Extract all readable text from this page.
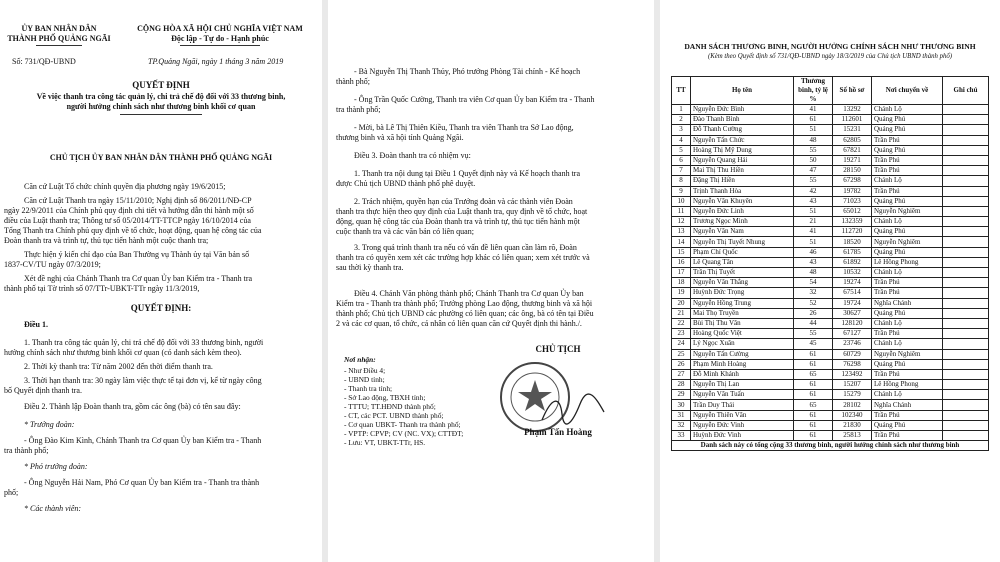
ỦY BAN NHÂN DÂN
THÀNH PHỐ QUẢNG NGÃI
CỘNG HÒA XÃ HỘI CHỦ NGHĨA VIỆT NAM
Độc lập - Tự do - Hạnh phúc
Số: 731/QĐ-UBND	TP.Quảng Ngãi, ngày 1 tháng 3 năm 2019
QUYẾT ĐỊNH
Về việc thanh tra công tác quản lý, chi trả chế độ đối với 33 thương binh,
người hưởng chính sách như thương binh khối cơ quan
CHỦ TỊCH ỦY BAN NHÂN DÂN THÀNH PHỐ QUẢNG NGÃI
Căn cứ Luật Tổ chức chính quyền địa phương ngày 19/6/2015;
Căn cứ Luật Thanh tra ngày 15/11/2010; Nghị định số 86/2011/NĐ-CP
ngày 22/9/2011 của Chính phủ quy định chi tiết và hướng dẫn thi hành một số
điều của Luật thanh tra; Thông tư số 05/2014/TT-TTCP ngày 16/10/2014 của
Tổng Thanh tra Chính phủ quy định về tổ chức, hoạt động, quan hệ công tác của
Đoàn thanh tra và trình tự, thủ tục tiến hành một cuộc thanh tra;
Thực hiện ý kiến chỉ đạo của Ban Thường vụ Thành ủy tại Văn bản số
1837-CV/TU ngày 07/3/2019;
Xét đề nghị của Chánh Thanh tra Cơ quan Ủy ban Kiểm tra - Thanh tra
thành phố tại Tờ trình số 07/TTr-UBKT-TTr ngày 11/3/2019,
QUYẾT ĐỊNH:
Điều 1.
1. Thanh tra công tác quản lý, chi trả chế độ đối với 33 thương binh, người
hưởng chính sách như thương binh khối cơ quan (có danh sách kèm theo).
2. Thời kỳ thanh tra: Từ năm 2002 đến thời điểm thanh tra.
3. Thời hạn thanh tra: 30 ngày làm việc thực tế tại đơn vị, kể từ ngày công
bố Quyết định thanh tra.
Điều 2. Thành lập Đoàn thanh tra, gồm các ông (bà) có tên sau đây:
* Trưởng đoàn:
- Ông Đào Kim Kình, Chánh Thanh tra Cơ quan Ủy ban Kiểm tra - Thanh
tra thành phố;
* Phó trưởng đoàn:
- Ông Nguyễn Hải Nam, Phó Cơ quan Ủy ban Kiểm tra - Thanh tra thành
phố;
* Các thành viên:
- Bà Nguyễn Thị Thanh Thủy, Phó trưởng Phòng Tài chính - Kế hoạch
thành phố;
- Ông Trần Quốc Cường, Thanh tra viên Cơ quan Ủy ban Kiểm tra - Thanh
tra thành phố;
- Mời, bà Lê Thị Thiên Kiều, Thanh tra viên Thanh tra Sở Lao động,
thương binh và xã hội tỉnh Quảng Ngãi.
Điều 3. Đoàn thanh tra có nhiệm vụ:
1. Thanh tra nội dung tại Điều 1 Quyết định này và Kế hoạch thanh tra
được Chủ tịch UBND thành phố phê duyệt.
2. Trách nhiệm, quyền hạn của Trưởng đoàn và các thành viên Đoàn
thanh tra thực hiện theo quy định của Luật thanh tra, quy định về tổ chức, hoạt
động, quan hệ công tác của Đoàn thanh tra và trình tự, thủ tục tiến hành một
cuộc thanh tra và các văn bản có liên quan;
3. Trong quá trình thanh tra nếu có vấn đề liên quan cần làm rõ, Đoàn
thanh tra có quyền xem xét các trường hợp khác có liên quan; xem xét trước và
sau thời kỳ thanh tra.
Điều 4. Chánh Văn phòng thành phố; Chánh Thanh tra Cơ quan Ủy ban
Kiểm tra - Thanh tra thành phố; Trưởng phòng Lao động, thương binh và xã hội
thành phố; Chủ tịch UBND các phường có liên quan; các ông, bà có tên tại Điều
2 và các cơ quan, tổ chức, cá nhân có liên quan căn cứ Quyết định thi hành./.
Nơi nhận:
- Như Điều 4;
- UBND tỉnh;
- Thanh tra tỉnh;
- Sở Lao động, TBXH tỉnh;
- TTTU; TT.HĐND thành phố;
- CT, các PCT. UBND thành phố;
- Cơ quan UBKT- Thanh tra thành phố;
- VPTP: CPVP; CV (NC. VX); CTTĐT;
- Lưu: VT, UBKT-TTr, HS.
CHỦ TỊCH
Phạm Tấn Hoàng
DANH SÁCH THƯƠNG BINH, NGƯỜI HƯỞNG CHÍNH SÁCH NHƯ THƯƠNG BINH
(Kèm theo Quyết định số 731/QĐ-UBND ngày 18/3/2019 của Chủ tịch UBND thành phố)
TT	Họ tên	Thương binh, tỷ lệ %	Số hồ sơ	Nơi chuyển về	Ghi chú
1	Nguyễn Đức Bình	41	13292	Chánh Lộ	
2	Đào Thanh Bình	61	112601	Quảng Phú	
3	Đỗ Thanh Cường	51	15231	Quảng Phú	
4	Nguyễn Tấn Chức	48	62805	Trần Phú	
5	Hoàng Thị Mỹ Dung	55	67821	Quảng Phú	
6	Nguyễn Quang Hải	50	19271	Trần Phú	
7	Mai Thị Thu Hiền	47	28150	Trần Phú	
8	Đặng Thị Hiền	55	67298	Chánh Lộ	
9	Trịnh Thanh Hòa	42	19782	Trần Phú	
10	Nguyễn Văn Khuyên	43	71023	Quảng Phú	
11	Nguyễn Đức Linh	51	65012	Nguyễn Nghiêm	
12	Trương Ngọc Minh	21	132359	Chánh Lộ	
13	Nguyễn Văn Nam	41	112720	Quảng Phú	
14	Nguyễn Thị Tuyết Nhung	51	18520	Nguyễn Nghiêm	
15	Phạm Chí Quốc	46	61785	Quảng Phú	
16	Lê Quang Tân	43	61892	Lê Hồng Phong	
17	Trần Thị Tuyết	48	10532	Chánh Lộ	
18	Nguyễn Văn Thắng	54	19274	Trần Phú	
19	Huỳnh Đức Trọng	32	67514	Trần Phú	
20	Nguyễn Hồng Trung	52	19724	Nghĩa Chánh	
21	Mai Thọ Truyền	26	30627	Quảng Phú	
22	Bùi Thị Thu Vân	44	128120	Chánh Lộ	
23	Hoàng Quốc Việt	55	67127	Trần Phú	
24	Lý Ngọc Xuân	45	23746	Chánh Lộ	
25	Nguyễn Tấn Cường	61	60729	Nguyễn Nghiêm	
26	Phạm Minh Hoàng	61	76298	Quảng Phú	
27	Đỗ Minh Khánh	65	123492	Trần Phú	
28	Nguyễn Thị Lan	61	15207	Lê Hồng Phong	
29	Nguyễn Văn Tuấn	61	15279	Chánh Lộ	
30	Trần Duy Thái	65	28102	Nghĩa Chánh	
31	Nguyễn Thiên Văn	61	102340	Trần Phú	
32	Nguyễn Đức Vinh	61	21830	Quảng Phú	
33	Huỳnh Đức Vinh	61	25813	Trần Phú	
Danh sách này có tổng cộng 33 thương binh, người hưởng chính sách như thương binh					
